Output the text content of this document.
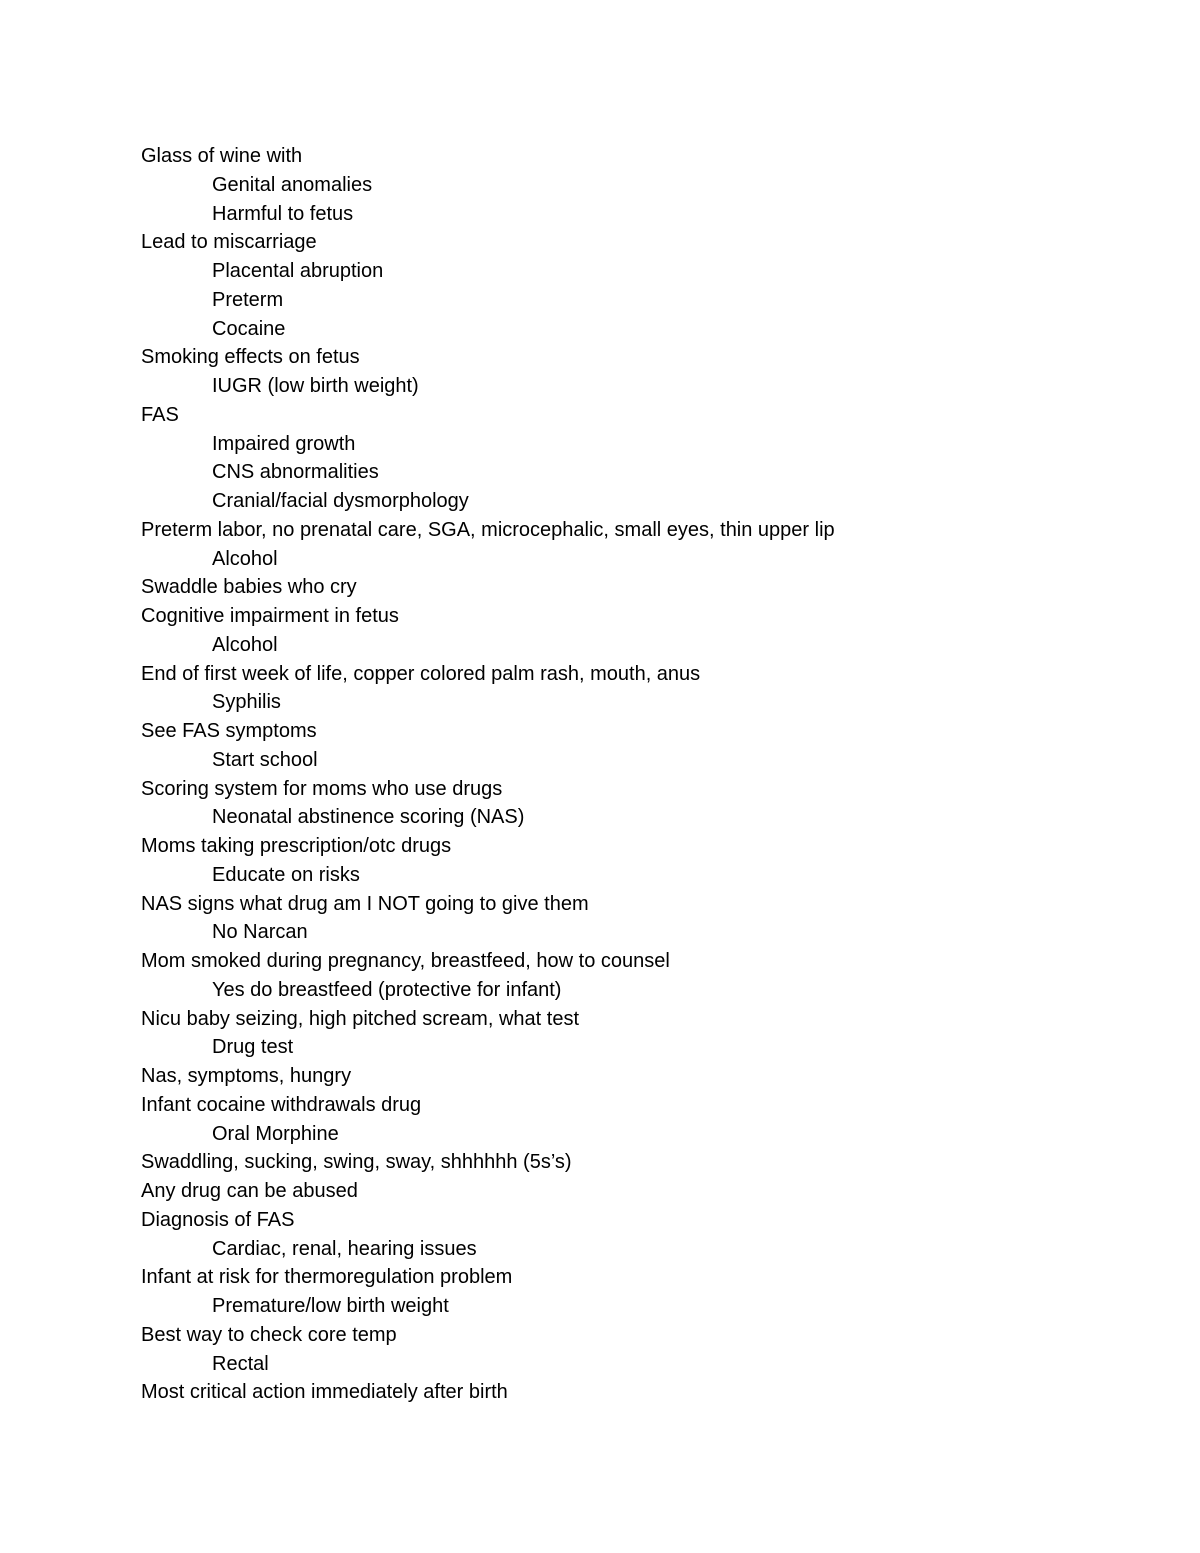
Glass of wine with
Genital anomalies
Harmful to fetus
Lead to miscarriage
Placental abruption
Preterm
Cocaine
Smoking effects on fetus
IUGR (low birth weight)
FAS
Impaired growth
CNS abnormalities
Cranial/facial dysmorphology
Preterm labor, no prenatal care, SGA, microcephalic, small eyes, thin upper lip
Alcohol
Swaddle babies who cry
Cognitive impairment in fetus
Alcohol
End of first week of life, copper colored palm rash, mouth, anus
Syphilis
See FAS symptoms
Start school
Scoring system for moms who use drugs
Neonatal abstinence scoring (NAS)
Moms taking prescription/otc drugs
Educate on risks
NAS signs what drug am I NOT going to give them
No Narcan
Mom smoked during pregnancy, breastfeed, how to counsel
Yes do breastfeed (protective for infant)
Nicu baby seizing, high pitched scream, what test
Drug test
Nas, symptoms, hungry
Infant cocaine withdrawals drug
Oral Morphine
Swaddling, sucking, swing, sway, shhhhhh (5s’s)
Any drug can be abused
Diagnosis of FAS
Cardiac, renal, hearing issues
Infant at risk for thermoregulation problem
Premature/low birth weight
Best way to check core temp
Rectal
Most critical action immediately after birth
